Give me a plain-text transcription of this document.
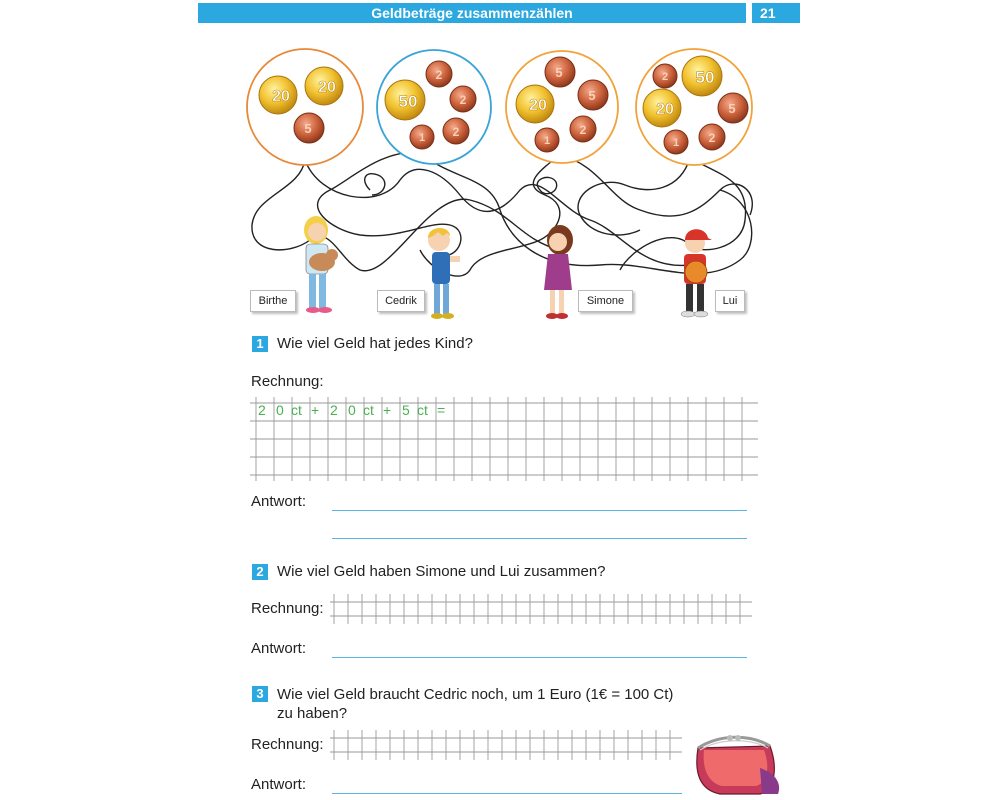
Geldbeträge zusammenzählen	21
20
20
5
50
2
2
2
1
20
5
5
2
1
50
20
2
5
1 2
Birthe	Cedrik	Simone	Lui
1 Wie viel Geld hat jedes Kind?
Rechnung:
2 0 ct + 2 0 ct + 5 ct =
Antwort:
2 Wie viel Geld haben Simone und Lui zusammen?
Rechnung:
Antwort:
3 Wie viel Geld braucht Cedric noch, um 1 Euro (1€ = 100 Ct)
zu haben?
Rechnung:
Antwort:
